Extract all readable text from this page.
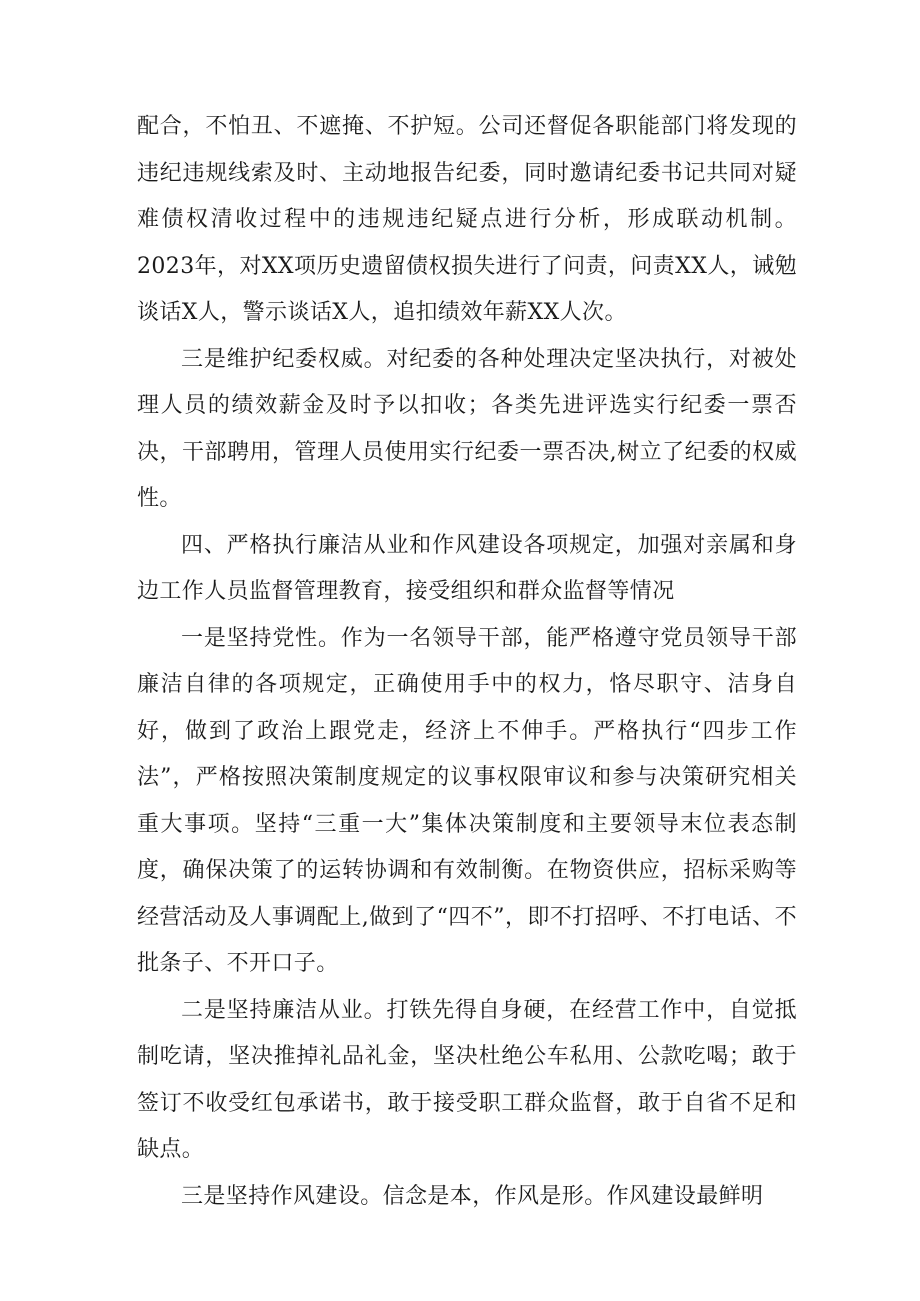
配合，不怕丑、不遮掩、不护短。公司还督促各职能部门将发现的违纪违规线索及时、主动地报告纪委，同时邀请纪委书记共同对疑难债权清收过程中的违规违纪疑点进行分析，形成联动机制。2023年，对XX项历史遗留债权损失进行了问责，问责XX人，诫勉谈话X人，警示谈话X人，追扣绩效年薪XX人次。

三是维护纪委权威。对纪委的各种处理决定坚决执行，对被处理人员的绩效薪金及时予以扣收；各类先进评选实行纪委一票否决，干部聘用，管理人员使用实行纪委一票否决,树立了纪委的权威性。

四、严格执行廉洁从业和作风建设各项规定，加强对亲属和身边工作人员监督管理教育，接受组织和群众监督等情况

一是坚持党性。作为一名领导干部，能严格遵守党员领导干部廉洁自律的各项规定，正确使用手中的权力，恪尽职守、洁身自好，做到了政治上跟党走，经济上不伸手。严格执行“四步工作法”，严格按照决策制度规定的议事权限审议和参与决策研究相关重大事项。坚持“三重一大”集体决策制度和主要领导末位表态制度，确保决策了的运转协调和有效制衡。在物资供应，招标采购等经营活动及人事调配上,做到了“四不”，即不打招呼、不打电话、不批条子、不开口子。

二是坚持廉洁从业。打铁先得自身硬，在经营工作中，自觉抵制吃请，坚决推掉礼品礼金，坚决杜绝公车私用、公款吃喝；敢于签订不收受红包承诺书，敢于接受职工群众监督，敢于自省不足和缺点。

三是坚持作风建设。信念是本，作风是形。作风建设最鲜明
